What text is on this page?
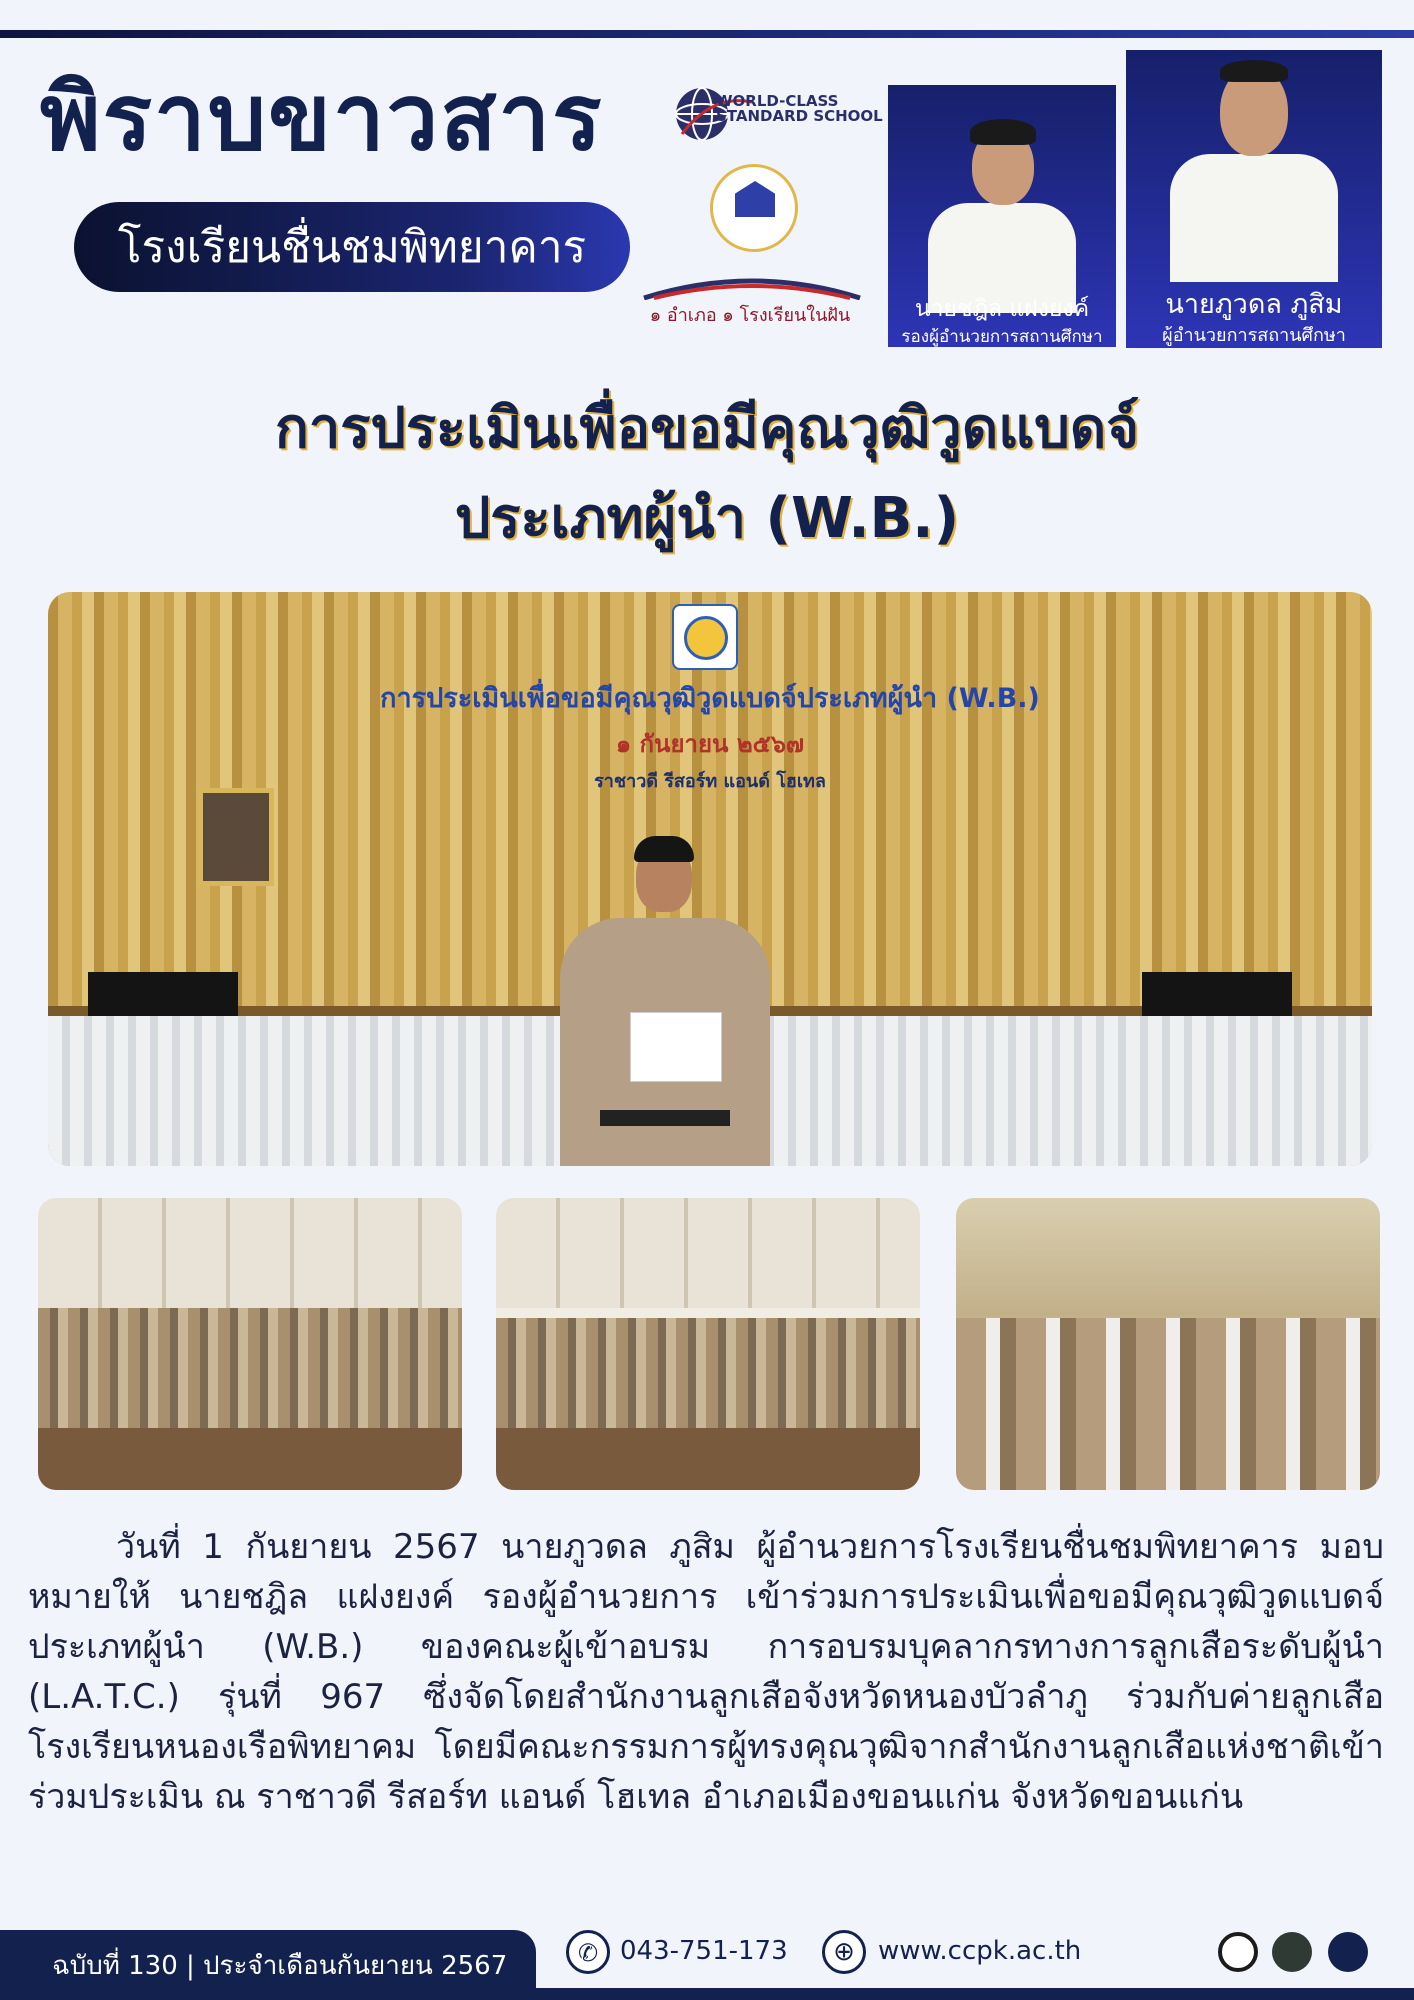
พิราบขาวสาร
โรงเรียนชื่นชมพิทยาคาร
WORLD-CLASS
STANDARD SCHOOL
๑ อำเภอ ๑ โรงเรียนในฝัน	นายชฎิล แฝงยงค์
รองผู้อำนวยการสถานศึกษา
นายภูวดล ภูสิม
ผู้อำนวยการสถานศึกษา
การประเมินเพื่อขอมีคุณวุฒิวูดแบดจ์
ประเภทผู้นำ (W.B.)
การประเมินเพื่อขอมีคุณวุฒิวูดแบดจ์ประเภทผู้นำ (W.B.)
๑ กันยายน ๒๕๖๗
ราชาวดี รีสอร์ท แอนด์ โฮเทล
วันที่ 1 กันยายน 2567 นายภูวดล ภูสิม ผู้อำนวยการโรงเรียนชื่นชมพิทยาคาร มอบหมายให้ นายชฎิล แฝงยงค์ รองผู้อำนวยการ เข้าร่วมการประเมินเพื่อขอมีคุณวุฒิวูดแบดจ์ประเภทผู้นำ (W.B.) ของคณะผู้เข้าอบรม การอบรมบุคลากรทางการลูกเสือระดับผู้นำ (L.A.T.C.) รุ่นที่ 967 ซึ่งจัดโดยสำนักงานลูกเสือจังหวัดหนองบัวลำภู ร่วมกับค่ายลูกเสือโรงเรียนหนองเรือพิทยาคม โดยมีคณะกรรมการผู้ทรงคุณวุฒิจากสำนักงานลูกเสือแห่งชาติเข้าร่วมประเมิน ณ ราชาวดี รีสอร์ท แอนด์ โฮเทล อำเภอเมืองขอนแก่น จังหวัดขอนแก่น
ฉบับที่ 130 | ประจำเดือนกันยายน 2567	✆ 043-751-173	⊕ www.ccpk.ac.th
